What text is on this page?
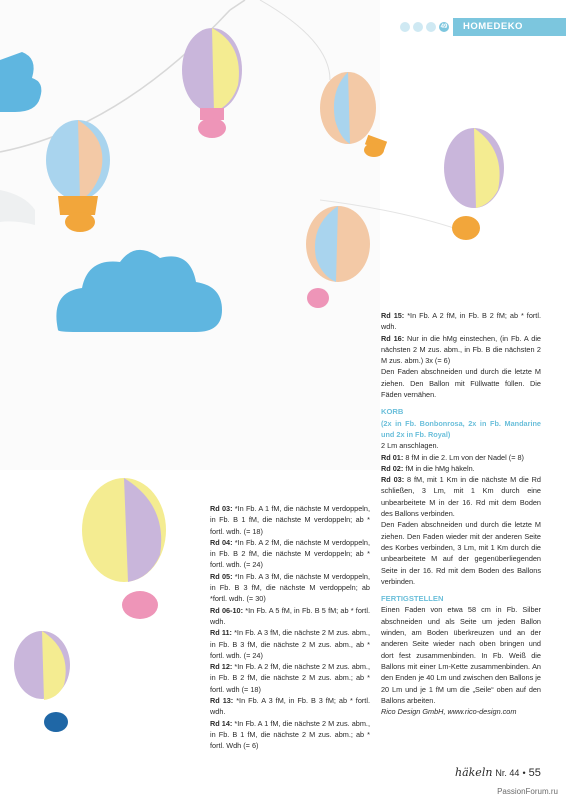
49	HOMEDEKO

Rd 03: *In Fb. A 1 fM, die nächste M verdoppeln, in Fb. B 1 fM, die nächste M verdoppeln; ab * fortl. wdh. (= 18)

Rd 04: *In Fb. A 2 fM, die nächste M verdoppeln, in Fb. B 2 fM, die nächste M verdoppeln; ab * fortl. wdh. (= 24)

Rd 05: *In Fb. A 3 fM, die nächste M verdoppeln, in Fb. B 3 fM, die nächste M verdoppeln; ab *fortl. wdh. (= 30)

Rd 06-10: *In Fb. A 5 fM, in Fb. B 5 fM; ab * fortl. wdh.

Rd 11: *In Fb. A 3 fM, die nächste 2 M zus. abm., in Fb. B 3 fM, die nächste 2 M zus. abm., ab * fortl. wdh. (= 24)

Rd 12: *In Fb. A 2 fM, die nächste 2 M zus. abm., in Fb. B 2 fM, die nächste 2 M zus. abm.; ab * fortl. wdh (= 18)

Rd 13: *In Fb. A 3 fM, in Fb. B 3 fM; ab * fortl. wdh.

Rd 14: *In Fb. A 1 fM, die nächste 2 M zus. abm., in Fb. B 1 fM, die nächste 2 M zus. abm.; ab * fortl. Wdh (= 6)

Rd 15: *In Fb. A 2 fM, in Fb. B 2 fM; ab * fortl. wdh.

Rd 16: Nur in die hMg einstechen, (in Fb. A die nächsten 2 M zus. abm., in Fb. B die nächsten 2 M zus. abm.) 3x (= 6)

Den Faden abschneiden und durch die letzte M ziehen. Den Ballon mit Füllwatte füllen. Die Fäden vernähen.

KORB

(2x in Fb. Bonbonrosa, 2x in Fb. Mandarine und 2x in Fb. Royal)

2 Lm anschlagen.

Rd 01: 8 fM in die 2. Lm von der Nadel (= 8)

Rd 02: fM in die hMg häkeln.

Rd 03: 8 fM, mit 1 Km in die nächste M die Rd schließen, 3 Lm, mit 1 Km durch eine unbearbeitete M in der 16. Rd mit dem Boden des Ballons verbinden.

Den Faden abschneiden und durch die letzte M ziehen. Den Faden wieder mit der anderen Seite des Korbes verbinden, 3 Lm, mit 1 Km durch die unbearbeitete M auf der gegenüberliegenden Seite in der 16. Rd mit dem Boden des Ballons verbinden.

FERTIGSTELLEN

Einen Faden von etwa 58 cm in Fb. Silber abschneiden und als Seite um jeden Ballon winden, am Boden überkreuzen und an der anderen Seite wieder nach oben bringen und dort fest zusammenbinden. In Fb. Weiß die Ballons mit einer Lm-Kette zusammenbinden. An den Enden je 40 Lm und zwischen den Ballons je 20 Lm und je 1 fM um die „Seile“ oben auf den Ballons arbeiten.

Rico Design GmbH, www.rico-design.com

häkeln Nr. 44 • 55
PassionForum.ru
